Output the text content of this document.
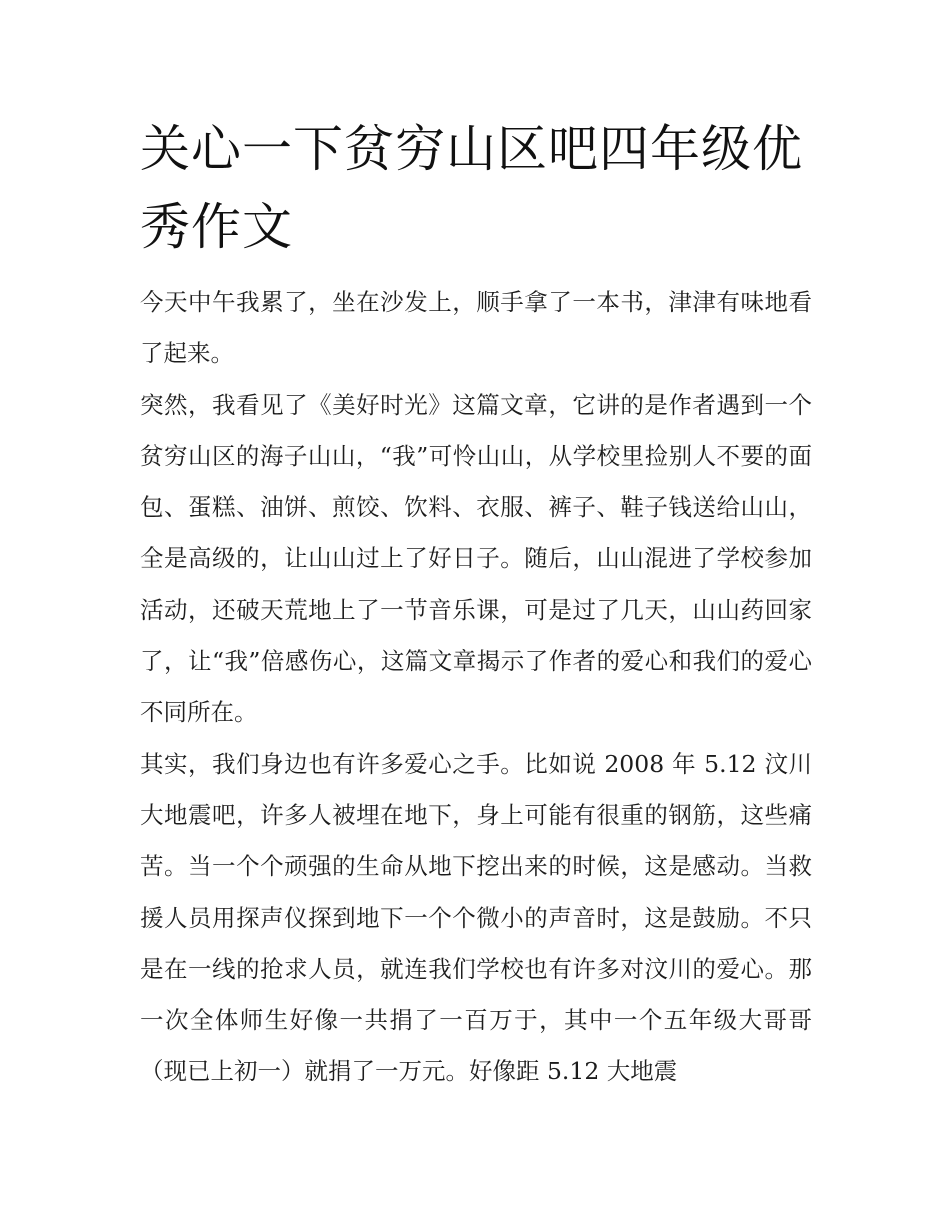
关心一下贫穷山区吧四年级优秀作文

今天中午我累了，坐在沙发上，顺手拿了一本书，津津有味地看了起来。

突然，我看见了《美好时光》这篇文章，它讲的是作者遇到一个贫穷山区的海子山山，“我”可怜山山，从学校里捡别人不要的面包、蛋糕、油饼、煎饺、饮料、衣服、裤子、鞋子钱送给山山，全是高级的，让山山过上了好日子。随后，山山混进了学校参加活动，还破天荒地上了一节音乐课，可是过了几天，山山药回家了，让“我”倍感伤心，这篇文章揭示了作者的爱心和我们的爱心不同所在。

其实，我们身边也有许多爱心之手。比如说 2008 年 5.12 汶川大地震吧，许多人被埋在地下，身上可能有很重的钢筋，这些痛苦。当一个个顽强的生命从地下挖出来的时候，这是感动。当救援人员用探声仪探到地下一个个微小的声音时，这是鼓励。不只是在一线的抢求人员，就连我们学校也有许多对汶川的爱心。那一次全体师生好像一共捐了一百万于，其中一个五年级大哥哥（现已上初一）就捐了一万元。好像距 5.12 大地震
